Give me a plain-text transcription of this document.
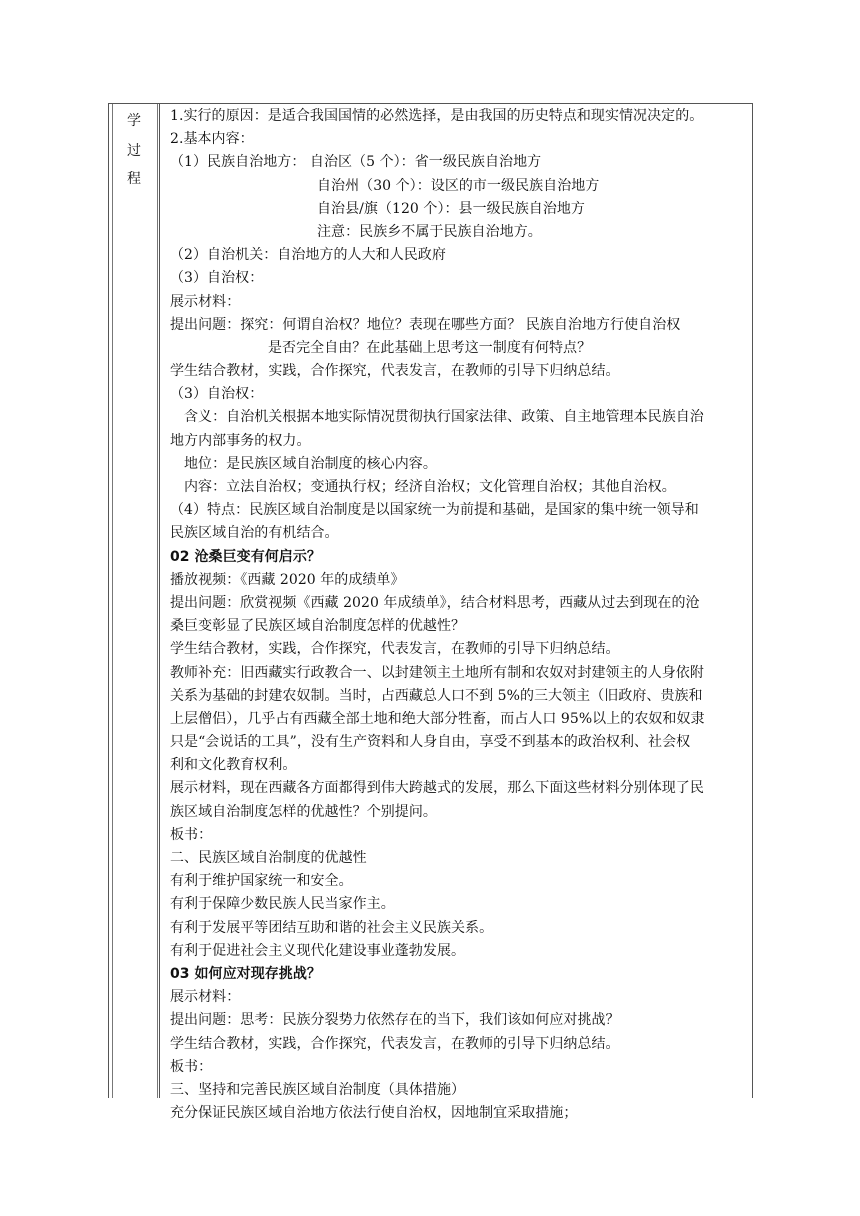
学
过
程
1.实行的原因：是适合我国国情的必然选择，是由我国的历史特点和现实情况决定的。
2.基本内容：
（1）民族自治地方： 自治区（5 个）：省一级民族自治地方
自治州（30 个）：设区的市一级民族自治地方
自治县/旗（120 个）：县一级民族自治地方
注意：民族乡不属于民族自治地方。
（2）自治机关：自治地方的人大和人民政府
（3）自治权：
展示材料：
提出问题：探究：何谓自治权？地位？表现在哪些方面？ 民族自治地方行使自治权
是否完全自由？在此基础上思考这一制度有何特点？
学生结合教材，实践，合作探究，代表发言，在教师的引导下归纳总结。
（3）自治权：
含义：自治机关根据本地实际情况贯彻执行国家法律、政策、自主地管理本民族自治
地方内部事务的权力。
地位：是民族区域自治制度的核心内容。
内容：立法自治权；变通执行权；经济自治权；文化管理自治权；其他自治权。
（4）特点：民族区域自治制度是以国家统一为前提和基础，是国家的集中统一领导和
民族区域自治的有机结合。
02 沧桑巨变有何启示？
播放视频：《西藏 2020 年的成绩单》
提出问题：欣赏视频《西藏 2020 年成绩单》，结合材料思考，西藏从过去到现在的沧
桑巨变彰显了民族区域自治制度怎样的优越性？
学生结合教材，实践，合作探究，代表发言，在教师的引导下归纳总结。
教师补充：旧西藏实行政教合一、以封建领主土地所有制和农奴对封建领主的人身依附
关系为基础的封建农奴制。当时，占西藏总人口不到 5%的三大领主（旧政府、贵族和
上层僧侣），几乎占有西藏全部土地和绝大部分牲畜，而占人口 95%以上的农奴和奴隶
只是“会说话的工具”，没有生产资料和人身自由，享受不到基本的政治权利、社会权
利和文化教育权利。
展示材料，现在西藏各方面都得到伟大跨越式的发展，那么下面这些材料分别体现了民
族区域自治制度怎样的优越性？个别提问。
板书：
二、民族区域自治制度的优越性
有利于维护国家统一和安全。
有利于保障少数民族人民当家作主。
有利于发展平等团结互助和谐的社会主义民族关系。
有利于促进社会主义现代化建设事业蓬勃发展。
03 如何应对现存挑战？
展示材料：
提出问题：思考：民族分裂势力依然存在的当下，我们该如何应对挑战？
学生结合教材，实践，合作探究，代表发言，在教师的引导下归纳总结。
板书：
三、坚持和完善民族区域自治制度（具体措施）
充分保证民族区域自治地方依法行使自治权，因地制宜采取措施；
